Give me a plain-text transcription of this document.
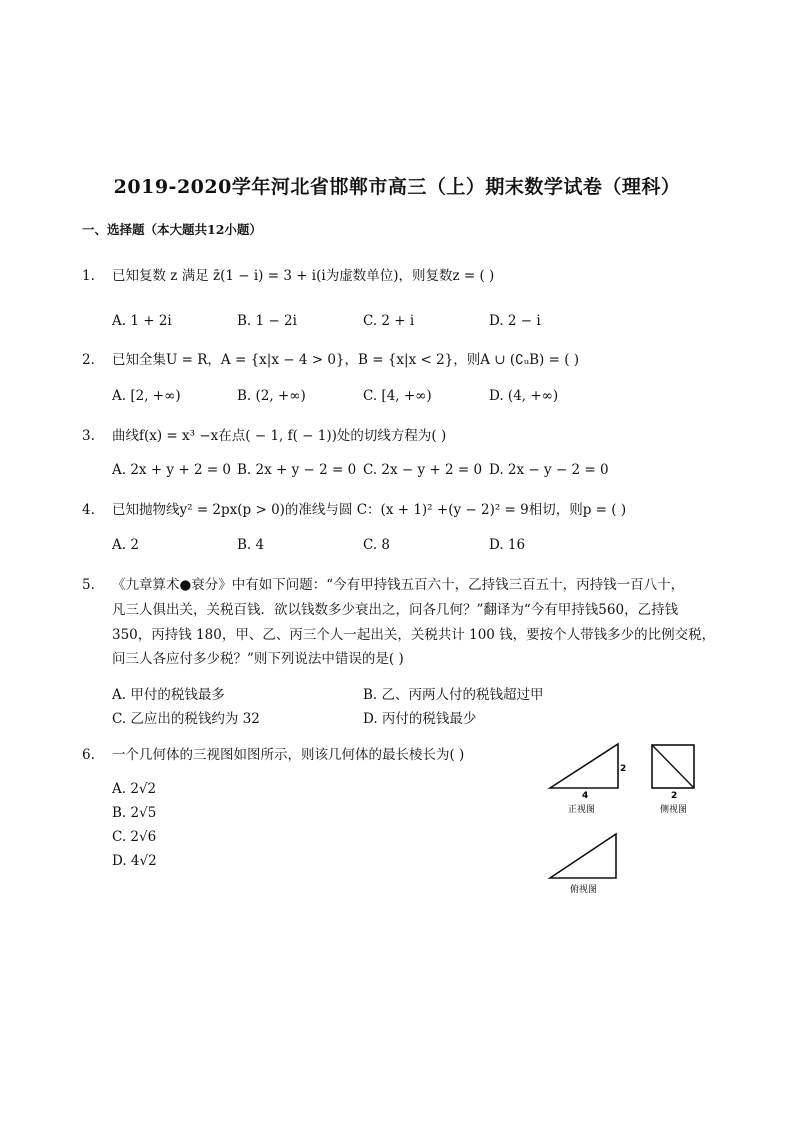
2019-2020学年河北省邯郸市高三（上）期末数学试卷（理科）
一、选择题（本大题共12小题）
1.	已知复数 z 满足 z̄(1 − i) = 3 + i(i为虚数单位)，则复数z = ( )
A. 1 + 2i	B. 1 − 2i	C. 2 + i	D. 2 − i
2.	已知全集U = R，A = {x|x − 4 > 0}，B = {x|x < 2}，则A ∪ (∁ᵤB) = ( )
A. [2, +∞)	B. (2, +∞)	C. [4, +∞)	D. (4, +∞)
3.	曲线f(x) = x³ −x在点( − 1, f( − 1))处的切线方程为( )
A. 2x + y + 2 = 0 B. 2x + y − 2 = 0 C. 2x − y + 2 = 0 D. 2x − y − 2 = 0
4.	已知抛物线y² = 2px(p > 0)的准线与圆 C：(x + 1)² +(y − 2)² = 9相切，则p = ( )
A. 2	B. 4	C. 8	D. 16
5.	《九章算术●衰分》中有如下问题：“今有甲持钱五百六十，乙持钱三百五十，丙持钱一百八十，
凡三人俱出关，关税百钱．欲以钱数多少衰出之，问各几何？”翻译为“今有甲持钱560，乙持钱
350，丙持钱 180，甲、乙、丙三个人一起出关，关税共计 100 钱，要按个人带钱多少的比例交税，
问三人各应付多少税？”则下列说法中错误的是( )
A. 甲付的税钱最多	B. 乙、丙两人付的税钱超过甲
C. 乙应出的税钱约为 32	D. 丙付的税钱最少
6.	一个几何体的三视图如图所示，则该几何体的最长棱长为( )
A. 2√2
B. 2√5
C. 2√6
D. 4√2
2
4
正视图
2
侧视图
俯视图
